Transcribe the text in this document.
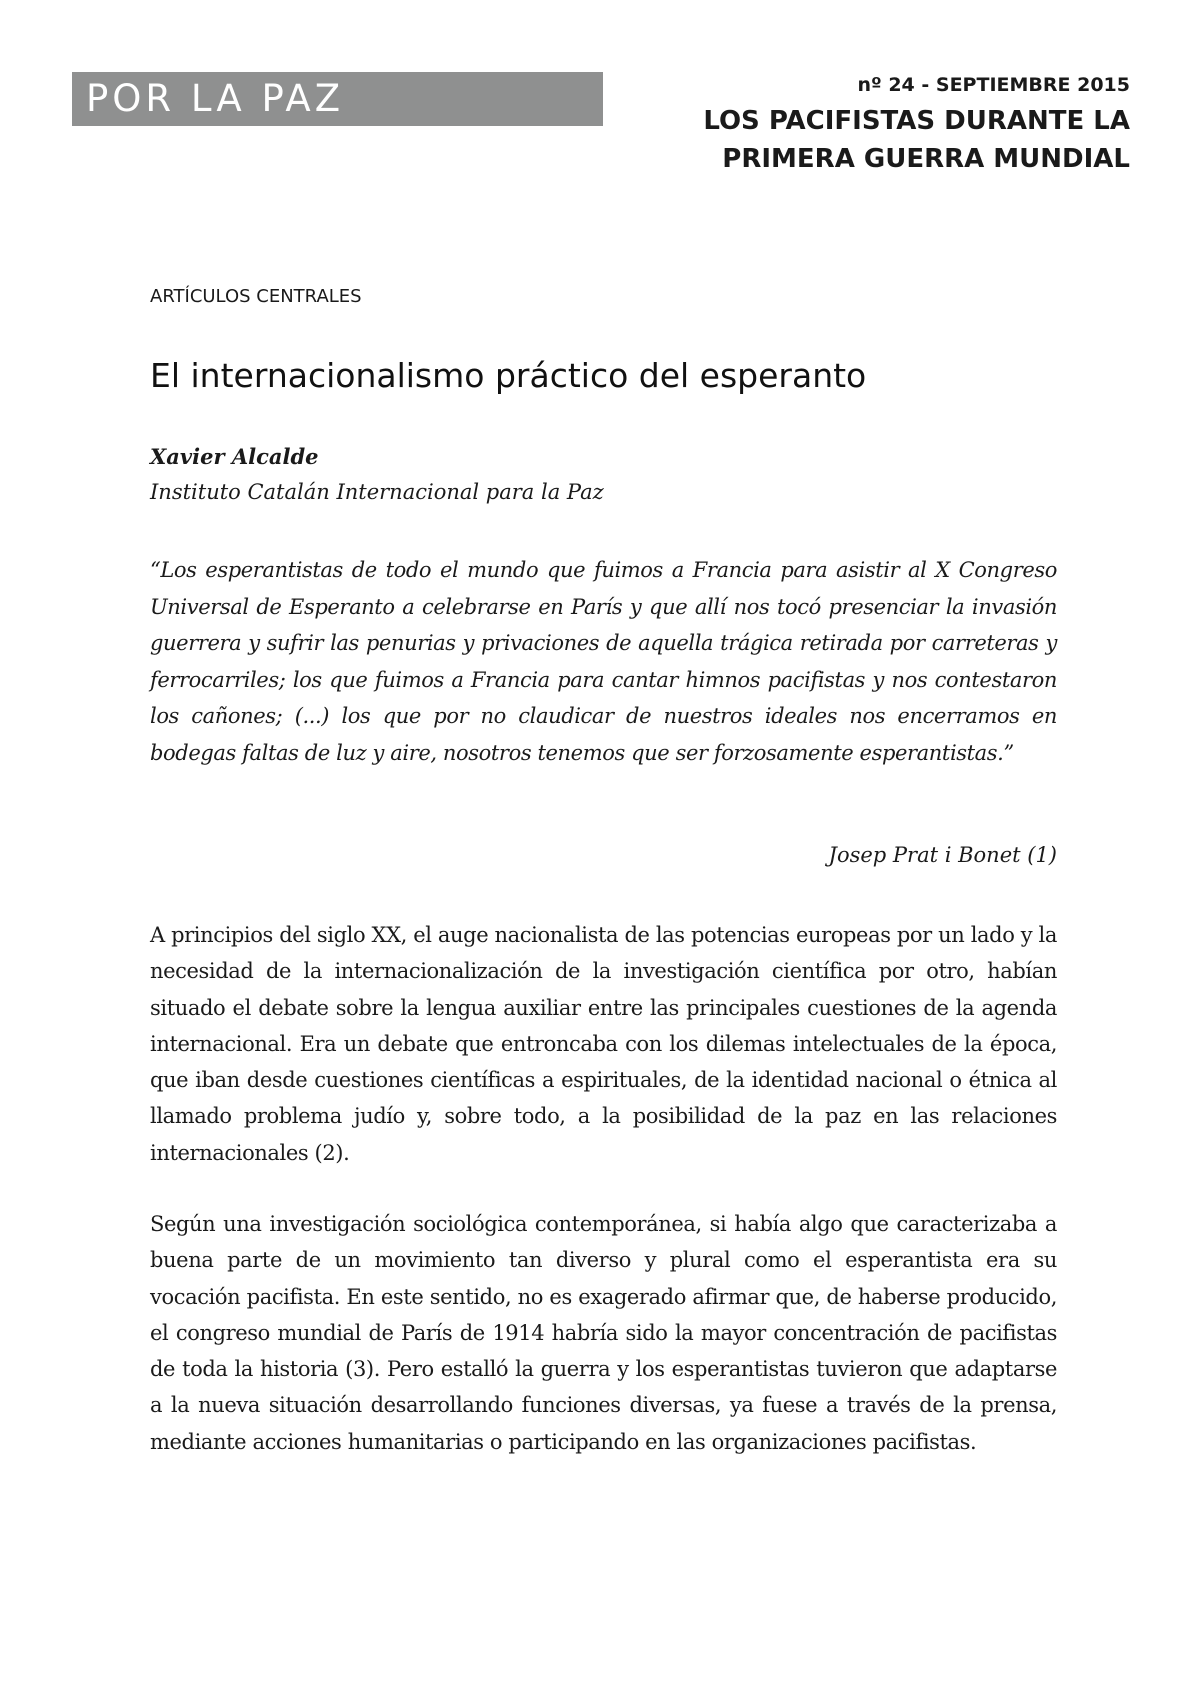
POR LA PAZ	nº 24 - SEPTIEMBRE 2015
LOS PACIFISTAS DURANTE LA
PRIMERA GUERRA MUNDIAL
ARTÍCULOS CENTRALES
El internacionalismo práctico del esperanto
Xavier Alcalde
Instituto Catalán Internacional para la Paz

“Los esperantistas de todo el mundo que fuimos a Francia para asistir al X Congreso Universal de Esperanto a celebrarse en París y que allí nos tocó presenciar la invasión guerrera y sufrir las penurias y privaciones de aquella trágica retirada por carreteras y ferrocarriles; los que fuimos a Francia para cantar himnos pacifistas y nos contestaron los cañones; (...) los que por no claudicar de nuestros ideales nos encerramos en bodegas faltas de luz y aire, nosotros tenemos que ser forzosamente esperantistas.”

Josep Prat i Bonet (1)

A principios del siglo XX, el auge nacionalista de las potencias europeas por un lado y la necesidad de la internacionalización de la investigación científica por otro, habían situado el debate sobre la lengua auxiliar entre las principales cuestiones de la agenda internacional. Era un debate que entroncaba con los dilemas intelectuales de la época, que iban desde cuestiones científicas a espirituales, de la identidad nacional o étnica al llamado problema judío y, sobre todo, a la posibilidad de la paz en las relaciones internacionales (2).

Según una investigación sociológica contemporánea, si había algo que caracterizaba a buena parte de un movimiento tan diverso y plural como el esperantista era su vocación pacifista. En este sentido, no es exagerado afirmar que, de haberse producido, el congreso mundial de París de 1914 habría sido la mayor concentración de pacifistas de toda la historia (3). Pero estalló la guerra y los esperantistas tuvieron que adaptarse a la nueva situación desarrollando funciones diversas, ya fuese a través de la prensa, mediante acciones humanitarias o participando en las organizaciones pacifistas.
